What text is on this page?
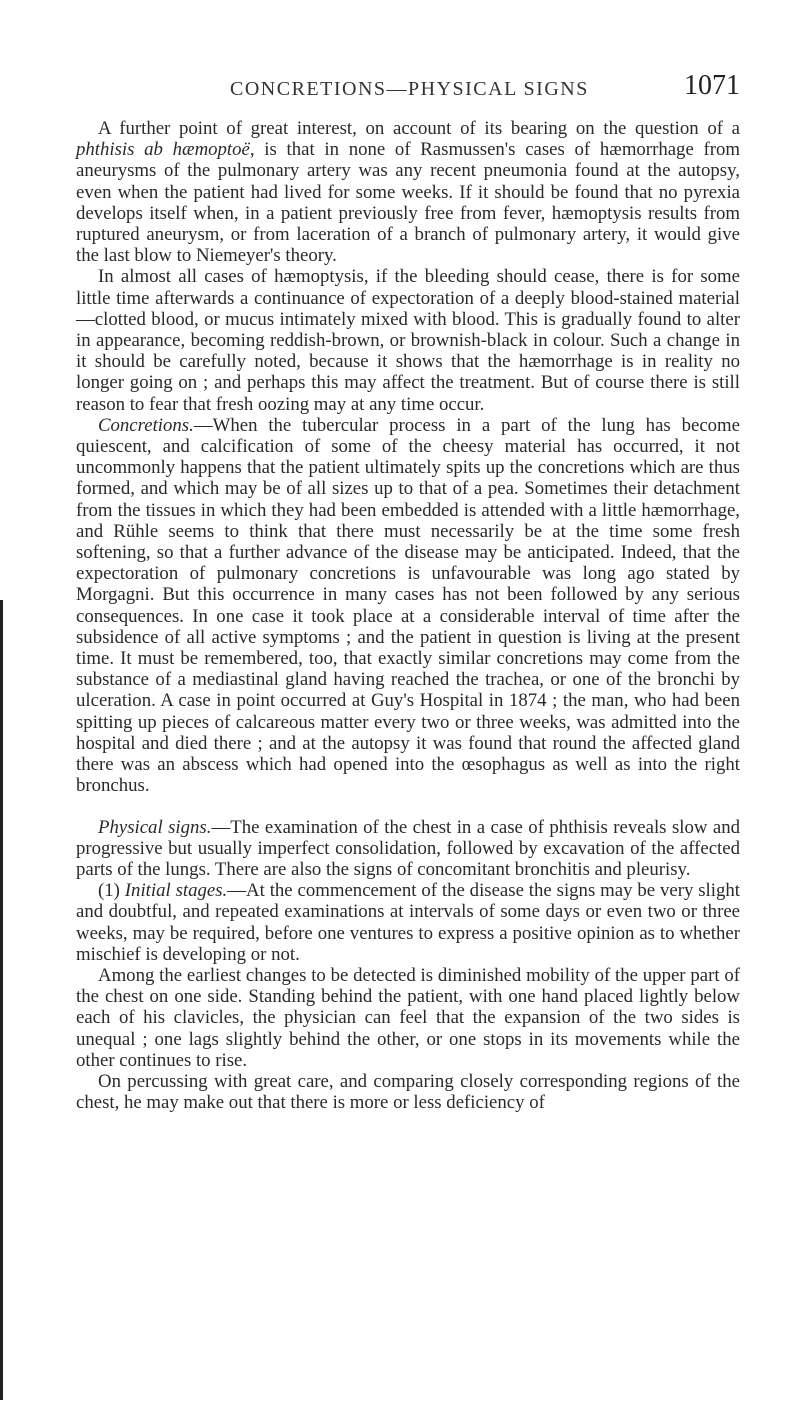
CONCRETIONS—PHYSICAL SIGNS	1071

A further point of great interest, on account of its bearing on the question of a phthisis ab hæmoptoë, is that in none of Rasmussen's cases of hæmorrhage from aneurysms of the pulmonary artery was any recent pneumonia found at the autopsy, even when the patient had lived for some weeks. If it should be found that no pyrexia develops itself when, in a patient previously free from fever, hæmoptysis results from ruptured aneurysm, or from laceration of a branch of pulmonary artery, it would give the last blow to Niemeyer's theory.

In almost all cases of hæmoptysis, if the bleeding should cease, there is for some little time afterwards a continuance of expectoration of a deeply blood-stained material—clotted blood, or mucus intimately mixed with blood. This is gradually found to alter in appearance, becoming reddish-brown, or brownish-black in colour. Such a change in it should be carefully noted, because it shows that the hæmorrhage is in reality no longer going on ; and perhaps this may affect the treatment. But of course there is still reason to fear that fresh oozing may at any time occur.

Concretions.—When the tubercular process in a part of the lung has become quiescent, and calcification of some of the cheesy material has occurred, it not uncommonly happens that the patient ultimately spits up the concretions which are thus formed, and which may be of all sizes up to that of a pea. Sometimes their detachment from the tissues in which they had been embedded is attended with a little hæmorrhage, and Rühle seems to think that there must necessarily be at the time some fresh softening, so that a further advance of the disease may be anticipated. Indeed, that the expectoration of pulmonary concretions is unfavourable was long ago stated by Morgagni. But this occurrence in many cases has not been followed by any serious consequences. In one case it took place at a considerable interval of time after the subsidence of all active symptoms ; and the patient in question is living at the present time. It must be remembered, too, that exactly similar concretions may come from the substance of a mediastinal gland having reached the trachea, or one of the bronchi by ulceration. A case in point occurred at Guy's Hospital in 1874 ; the man, who had been spitting up pieces of calcareous matter every two or three weeks, was admitted into the hospital and died there ; and at the autopsy it was found that round the affected gland there was an abscess which had opened into the œsophagus as well as into the right bronchus.

Physical signs.—The examination of the chest in a case of phthisis reveals slow and progressive but usually imperfect consolidation, followed by excavation of the affected parts of the lungs. There are also the signs of concomitant bronchitis and pleurisy.

(1) Initial stages.—At the commencement of the disease the signs may be very slight and doubtful, and repeated examinations at intervals of some days or even two or three weeks, may be required, before one ventures to express a positive opinion as to whether mischief is developing or not.

Among the earliest changes to be detected is diminished mobility of the upper part of the chest on one side. Standing behind the patient, with one hand placed lightly below each of his clavicles, the physician can feel that the expansion of the two sides is unequal ; one lags slightly behind the other, or one stops in its movements while the other continues to rise.

On percussing with great care, and comparing closely corresponding regions of the chest, he may make out that there is more or less deficiency of
